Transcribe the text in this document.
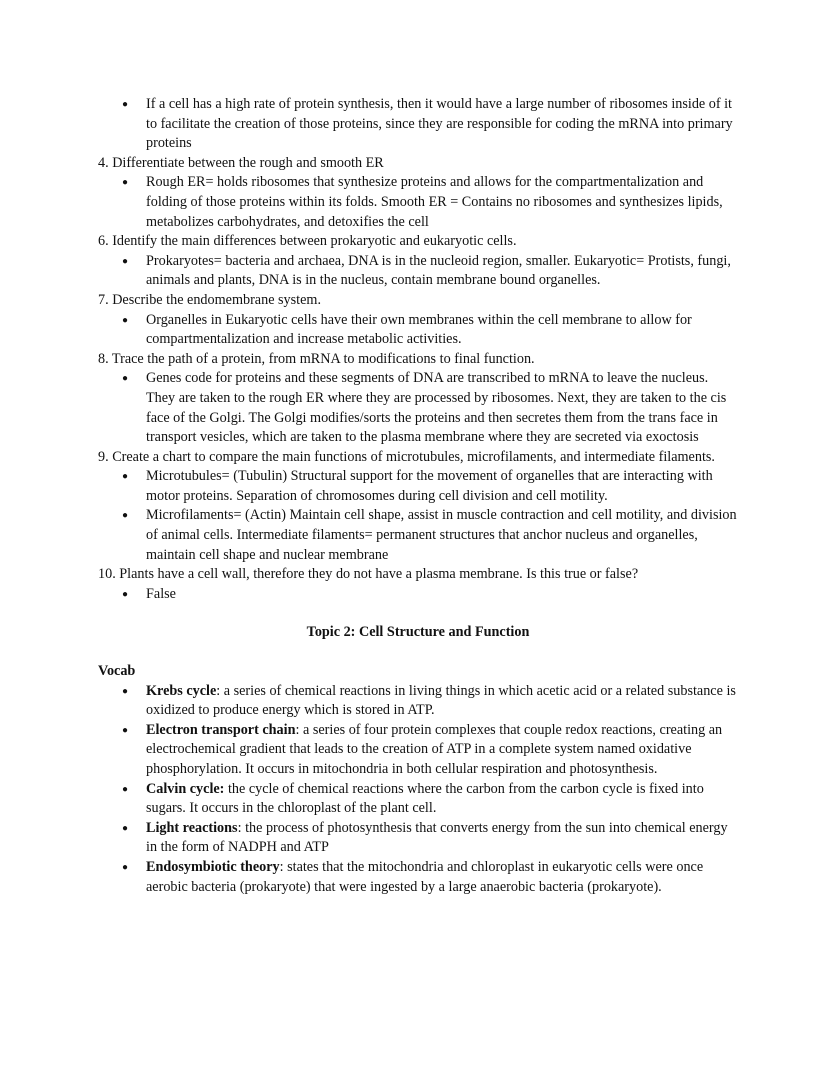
● If a cell has a high rate of protein synthesis, then it would have a large number of ribosomes inside of it to facilitate the creation of those proteins, since they are responsible for coding the mRNA into primary proteins

4. Differentiate between the rough and smooth ER

● Rough ER= holds ribosomes that synthesize proteins and allows for the compartmentalization and folding of those proteins within its folds. Smooth ER = Contains no ribosomes and synthesizes lipids, metabolizes carbohydrates, and detoxifies the cell

6. Identify the main differences between prokaryotic and eukaryotic cells.

● Prokaryotes= bacteria and archaea, DNA is in the nucleoid region, smaller. Eukaryotic= Protists, fungi, animals and plants, DNA is in the nucleus, contain membrane bound organelles.

7. Describe the endomembrane system.

● Organelles in Eukaryotic cells have their own membranes within the cell membrane to allow for compartmentalization and increase metabolic activities.

8. Trace the path of a protein, from mRNA to modifications to final function.

● Genes code for proteins and these segments of DNA are transcribed to mRNA to leave the nucleus. They are taken to the rough ER where they are processed by ribosomes. Next, they are taken to the cis face of the Golgi. The Golgi modifies/sorts the proteins and then secretes them from the trans face in transport vesicles, which are taken to the plasma membrane where they are secreted via exoctosis

9. Create a chart to compare the main functions of microtubules, microfilaments, and intermediate filaments.

● Microtubules= (Tubulin) Structural support for the movement of organelles that are interacting with motor proteins. Separation of chromosomes during cell division and cell motility.
● Microfilaments= (Actin) Maintain cell shape, assist in muscle contraction and cell motility, and division of animal cells. Intermediate filaments= permanent structures that anchor nucleus and organelles, maintain cell shape and nuclear membrane

10. Plants have a cell wall, therefore they do not have a plasma membrane. Is this true or false?

● False

Topic 2: Cell Structure and Function

Vocab

● Krebs cycle: a series of chemical reactions in living things in which acetic acid or a related substance is oxidized to produce energy which is stored in ATP.
● Electron transport chain: a series of four protein complexes that couple redox reactions, creating an electrochemical gradient that leads to the creation of ATP in a complete system named oxidative phosphorylation. It occurs in mitochondria in both cellular respiration and photosynthesis.
● Calvin cycle: the cycle of chemical reactions where the carbon from the carbon cycle is fixed into sugars. It occurs in the chloroplast of the plant cell.
● Light reactions: the process of photosynthesis that converts energy from the sun into chemical energy in the form of NADPH and ATP
● Endosymbiotic theory: states that the mitochondria and chloroplast in eukaryotic cells were once aerobic bacteria (prokaryote) that were ingested by a large anaerobic bacteria (prokaryote).
